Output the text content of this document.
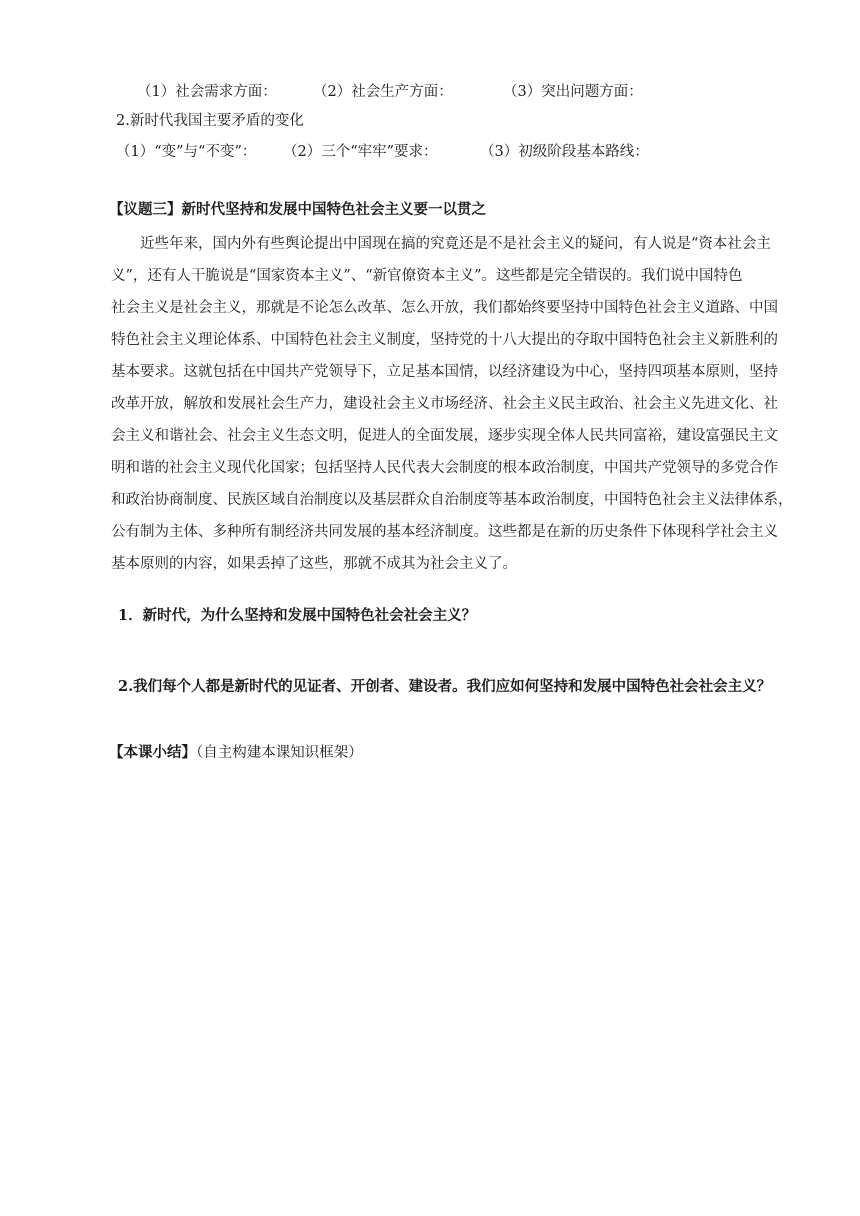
（1）社会需求方面：	（2）社会生产方面：	（3）突出问题方面：
2.新时代我国主要矛盾的变化
（1）“变”与“不变”： （2）三个“牢牢”要求：	（3）初级阶段基本路线：
【议题三】新时代坚持和发展中国特色社会主义要一以贯之
近些年来，国内外有些舆论提出中国现在搞的究竟还是不是社会主义的疑问，有人说是“资本社会主
义”，还有人干脆说是“国家资本主义”、“新官僚资本主义”。这些都是完全错误的。我们说中国特色
社会主义是社会主义，那就是不论怎么改革、怎么开放，我们都始终要坚持中国特色社会主义道路、中国
特色社会主义理论体系、中国特色社会主义制度，坚持党的十八大提出的夺取中国特色社会主义新胜利的
基本要求。这就包括在中国共产党领导下，立足基本国情，以经济建设为中心，坚持四项基本原则，坚持
改革开放，解放和发展社会生产力，建设社会主义市场经济、社会主义民主政治、社会主义先进文化、社
会主义和谐社会、社会主义生态文明，促进人的全面发展，逐步实现全体人民共同富裕，建设富强民主文
明和谐的社会主义现代化国家；包括坚持人民代表大会制度的根本政治制度，中国共产党领导的多党合作
和政治协商制度、民族区域自治制度以及基层群众自治制度等基本政治制度，中国特色社会主义法律体系，
公有制为主体、多种所有制经济共同发展的基本经济制度。这些都是在新的历史条件下体现科学社会主义
基本原则的内容，如果丢掉了这些，那就不成其为社会主义了。
1．新时代，为什么坚持和发展中国特色社会社会主义？
2.我们每个人都是新时代的见证者、开创者、建设者。我们应如何坚持和发展中国特色社会社会主义？
【本课小结】（自主构建本课知识框架）
